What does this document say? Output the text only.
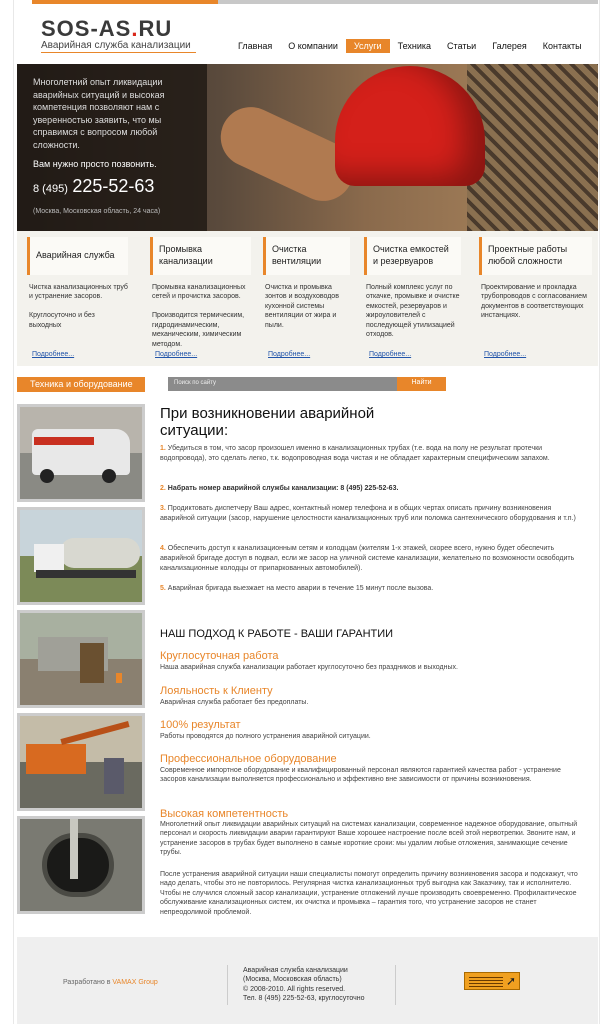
SOS-AS.RU
Аварийная служба канализации	Главная	О компании	Услуги	Техника	Статьи	Галерея	Контакты
Многолетний опыт ликвидации аварийных ситуаций и высокая компетенция позволяют нам с уверенностью заявить, что мы справимся с вопросом любой сложности.
Вам нужно просто позвонить.
8 (495) 225-52-63
(Москва, Московская область, 24 часа)
Аварийная служба
Чистка канализационных труб и устранение засоров.

Круглосуточно и без выходных
Подробнее...
Промывка канализации
Промывка канализационных сетей и прочистка засоров.

Производится термическим, гидродинамическим, механическим, химическим методом.
Подробнее...
Очистка вентиляции
Очистка и промывка зонтов и воздуховодов кухонной системы вентиляции от жира и пыли.
Подробнее...
Очистка емкостей и резервуаров
Полный комплекс услуг по откачке, промывке и очистке емкостей, резервуаров и жироуловителей с последующей утилизацией отходов.
Подробнее...
Проектные работы любой сложности
Проектирование и прокладка трубопроводов с согласованием документов в соответствующих инстанциях.
Подробнее...
Техника и оборудование	Поиск по сайту	Найти
При возникновении аварийной ситуации:
1. Убедиться в том, что засор произошел именно в канализационных трубах (т.е. вода на полу не результат протечки водопровода), это сделать легко, т.к. водопроводная вода чистая и не обладает характерным специфическим запахом.
2. Набрать номер аварийной службы канализации: 8 (495) 225-52-63.
3. Продиктовать диспетчеру Ваш адрес, контактный номер телефона и в общих чертах описать причину возникновения аварийной ситуации (засор, нарушение целостности канализационных труб или поломка сантехнического оборудования и т.п.)
4. Обеспечить доступ к канализационным сетям и колодцам (жителям 1-х этажей, скорее всего, нужно будет обеспечить аварийной бригаде доступ в подвал, если же засор на уличной системе канализации, желательно по возможности освободить канализационные колодцы от припаркованных автомобилей).
5. Аварийная бригада выезжает на место аварии в течение 15 минут после вызова.
НАШ ПОДХОД К РАБОТЕ - ВАШИ ГАРАНТИИ
Круглосуточная работа
Наша аварийная служба канализации работает круглосуточно без праздников и выходных.
Лояльность к Клиенту
Аварийная служба работает без предоплаты.
100% результат
Работы проводятся до полного устранения аварийной ситуации.
Профессиональное оборудование
Современное импортное оборудование и квалифицированный персонал являются гарантией качества работ - устранение засоров канализации выполняется профессионально и эффективно вне зависимости от причины возникновения.
Высокая компетентность
Многолетний опыт ликвидации аварийных ситуаций на системах канализации, современное надежное оборудование, опытный персонал и скорость ликвидации аварии гарантируют Ваше хорошее настроение после всей этой нервотрепки. Звоните нам, и устранение засоров в трубах будет выполнено в самые короткие сроки: мы удалим любые отложения, занимающие сечение трубы.
После устранения аварийной ситуации наши специалисты помогут определить причину возникновения засора и подскажут, что надо делать, чтобы это не повторилось. Регулярная чистка канализационных труб выгодна как Заказчику, так и исполнителю. Чтобы не случился сложный засор канализации, устранение отложений лучше производить своевременно. Профилактическое обслуживание канализационных систем, их очистка и промывка – гарантия того, что устранение засоров не станет непреодолимой проблемой.
Разработано в VAMAX Group
Аварийная служба канализации
(Москва, Московская область)
© 2008-2010. All rights reserved.
Тел. 8 (495) 225-52-63, круглосуточно
➚
